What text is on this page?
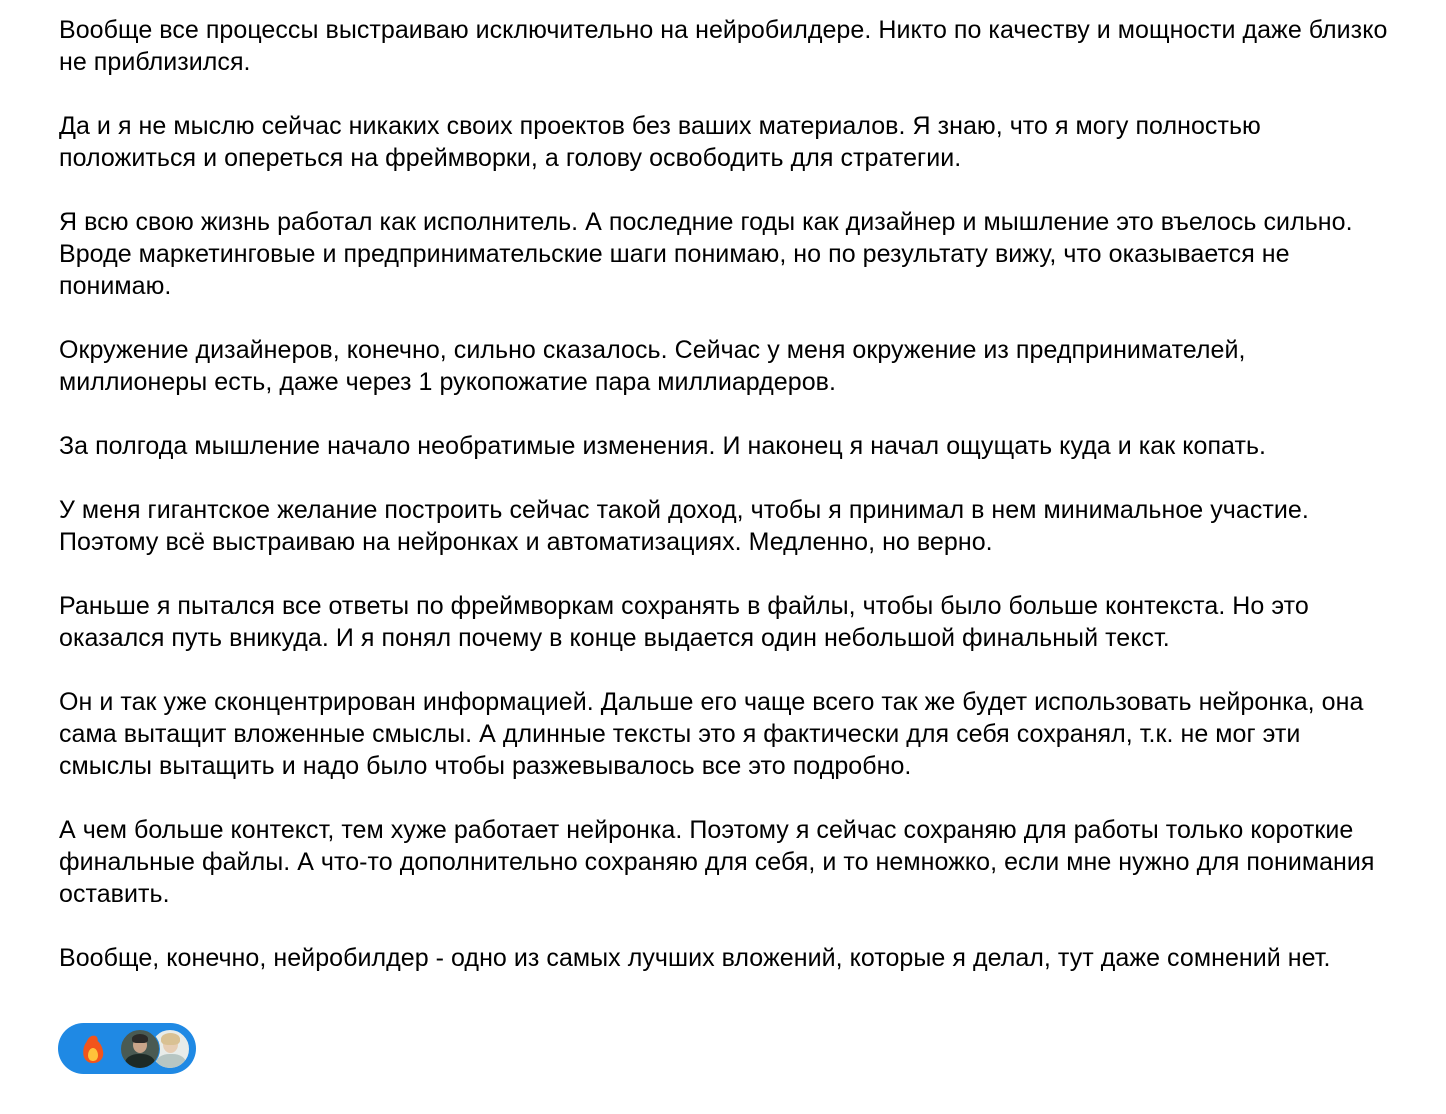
Вообще все процессы выстраиваю исключительно на нейробилдере. Никто по качеству и мощности даже близко не приблизился.

Да и я не мыслю сейчас никаких своих проектов без ваших материалов. Я знаю, что я могу полностью положиться и опереться на фреймворки, а голову освободить для стратегии.

Я всю свою жизнь работал как исполнитель. А последние годы как дизайнер и мышление это въелось сильно. Вроде маркетинговые и предпринимательские шаги понимаю, но по результату вижу, что оказывается не понимаю.

Окружение дизайнеров, конечно, сильно сказалось. Сейчас у меня окружение из предпринимателей, миллионеры есть, даже через 1 рукопожатие пара миллиардеров.

За полгода мышление начало необратимые изменения. И наконец я начал ощущать куда и как копать.

У меня гигантское желание построить сейчас такой доход, чтобы я принимал в нем минимальное участие. Поэтому всё выстраиваю на нейронках и автоматизациях. Медленно, но верно.

Раньше я пытался все ответы по фреймворкам сохранять в файлы, чтобы было больше контекста. Но это оказался путь вникуда. И я понял почему в конце выдается один небольшой финальный текст.

Он и так уже сконцентрирован информацией. Дальше его чаще всего так же будет использовать нейронка, она сама вытащит вложенные смыслы. А длинные тексты это я фактически для себя сохранял, т.к. не мог эти смыслы вытащить и надо было чтобы разжевывалось все это подробно.

А чем больше контекст, тем хуже работает нейронка. Поэтому я сейчас сохраняю для работы только короткие финальные файлы. А что-то дополнительно сохраняю для себя, и то немножко, если мне нужно для понимания оставить.

Вообще, конечно, нейробилдер - одно из самых лучших вложений, которые я делал, тут даже сомнений нет.
